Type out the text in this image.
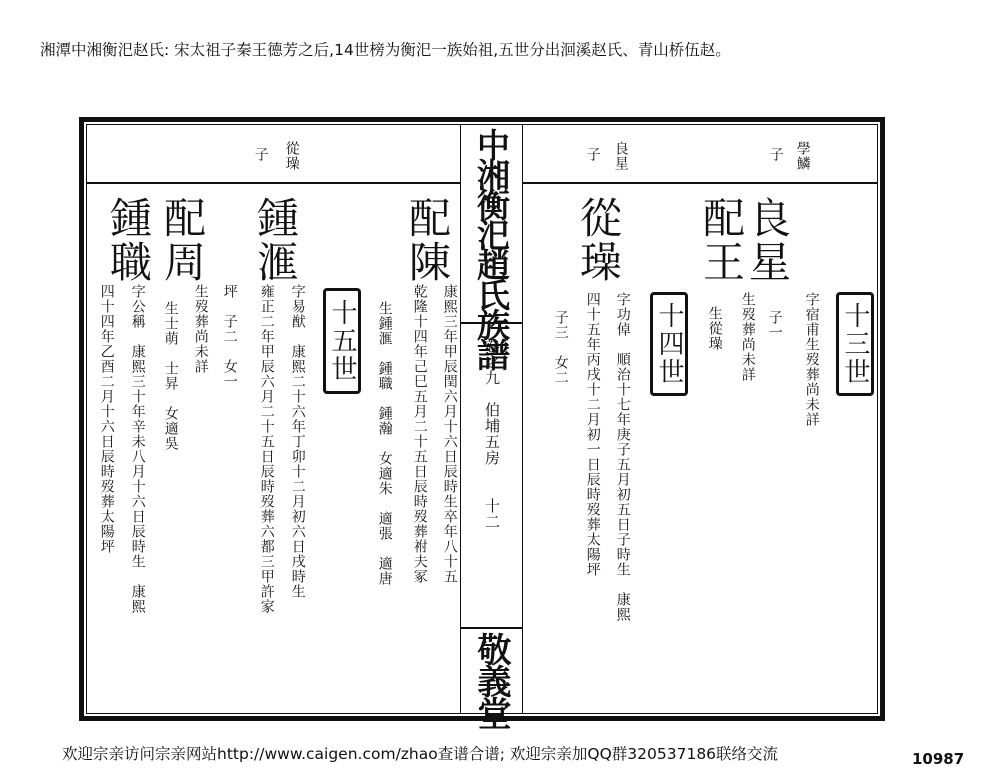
湘潭中湘衡汜赵氏: 宋太祖子秦王德芳之后,14世榜为衡汜一族始祖,五世分出洄溪赵氏、青山桥伍赵。
中湘衡汜趙氏族譜
卷之九　伯埔五房　　十二
敬義堂
學鱗
子
良星
子
良星
配王
從璪
十三世
字宿甫生歿葬尚未詳
子一
生歿葬尚未詳
生從璪
十四世
字功倬　順治十七年庚子五月初五日子時生　康熙
四十五年丙戌十二月初一日辰時歿葬太陽坪
子三　女二
從璪
子
配陳
鍾滙
配周
鍾職
十五世	康熙三年甲辰閏六月十六日辰時生卒年八十五
乾隆十四年己巳五月二十五日辰時歿葬祔夫冢
生鍾滙　鍾職　鍾瀚　女適朱　適張　適唐
字易猷　康熙二十六年丁卯十二月初六日戌時生
雍正二年甲辰六月二十五日辰時歿葬六都三甲許家
坪　子二　女一
生歿葬尚未詳
生士萌　士昇　女適吳
字公稱　康熙三十年辛未八月十六日辰時生　康熙
四十四年乙酉二月十六日辰時歿葬太陽坪
欢迎宗亲访问宗亲网站http://www.caigen.com/zhao查谱合谱; 欢迎宗亲加QQ群320537186联络交流	10987
